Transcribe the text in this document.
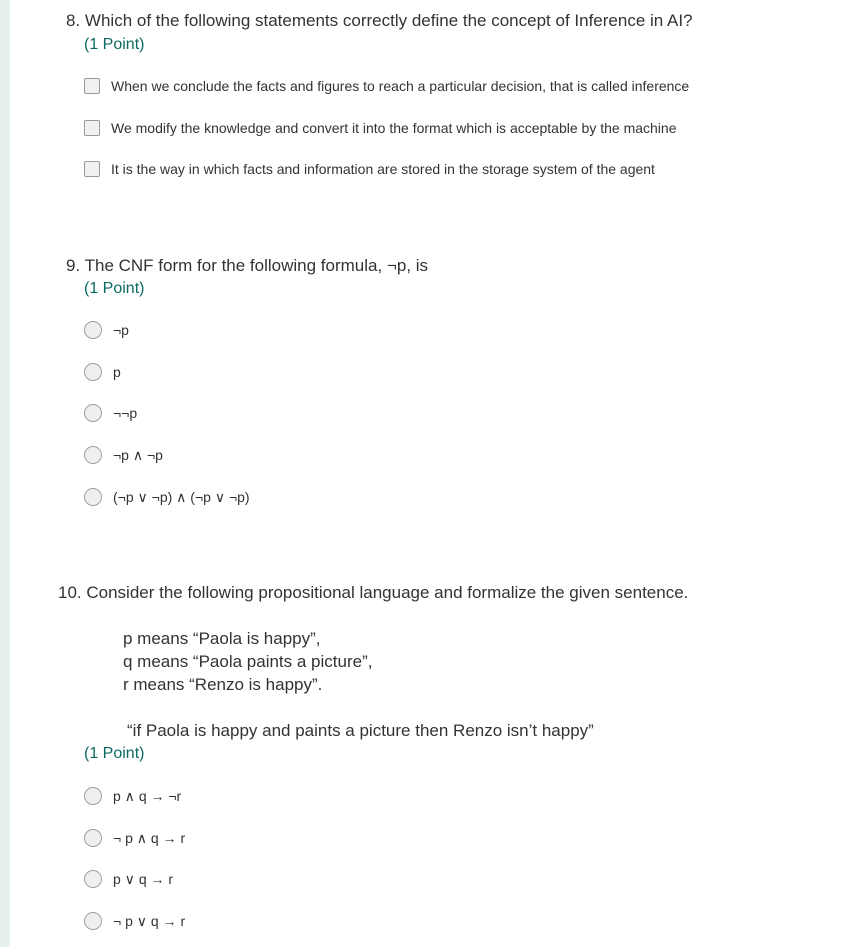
8. Which of the following statements correctly define the concept of Inference in AI?
(1 Point)
When we conclude the facts and figures to reach a particular decision, that is called inference
We modify the knowledge and convert it into the format which is acceptable by the machine
It is the way in which facts and information are stored in the storage system of the agent
9. The CNF form for the following formula, ¬p, is
(1 Point)
¬p
p
¬¬p
¬p ∧ ¬p
(¬p ∨ ¬p) ∧ (¬p ∨ ¬p)
10. Consider the following propositional language and formalize the given sentence.
p means “Paola is happy”,
q means “Paola paints a picture”,
r means “Renzo is happy”.
“if Paola is happy and paints a picture then Renzo isn’t happy”
(1 Point)
p ∧ q → ¬r
¬ p ∧ q → r
p ∨ q → r
¬ p ∨ q → r
